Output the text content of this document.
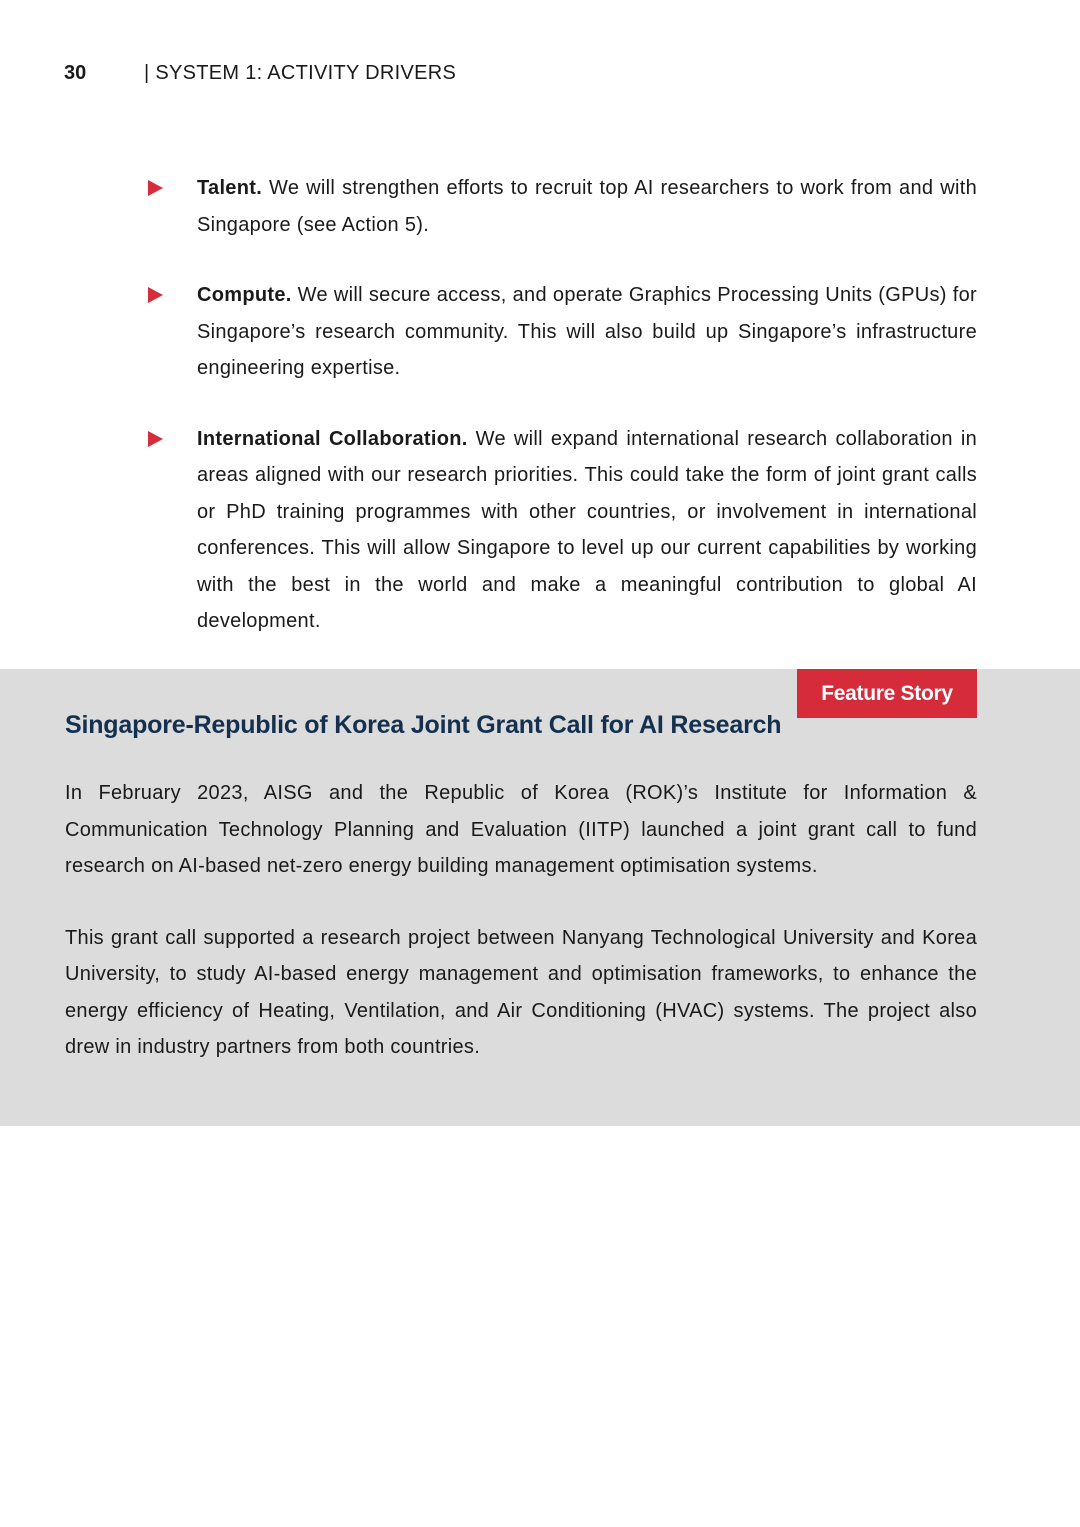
30	| SYSTEM 1: ACTIVITY DRIVERS
Talent. We will strengthen efforts to recruit top AI researchers to work from and with Singapore (see Action 5).
Compute. We will secure access, and operate Graphics Processing Units (GPUs) for Singapore’s research community. This will also build up Singapore’s infrastructure engineering expertise.
International Collaboration. We will expand international research collaboration in areas aligned with our research priorities. This could take the form of joint grant calls or PhD training programmes with other countries, or involvement in international conferences. This will allow Singapore to level up our current capabilities by working with the best in the world and make a meaningful contribution to global AI development.
Feature Story
Singapore-Republic of Korea Joint Grant Call for AI Research

In February 2023, AISG and the Republic of Korea (ROK)’s Institute for Information & Communication Technology Planning and Evaluation (IITP) launched a joint grant call to fund research on AI-based net-zero energy building management optimisation systems.

This grant call supported a research project between Nanyang Technological University and Korea University, to study AI-based energy management and optimisation frameworks, to enhance the energy efficiency of Heating, Ventilation, and Air Conditioning (HVAC) systems. The project also drew in industry partners from both countries.
